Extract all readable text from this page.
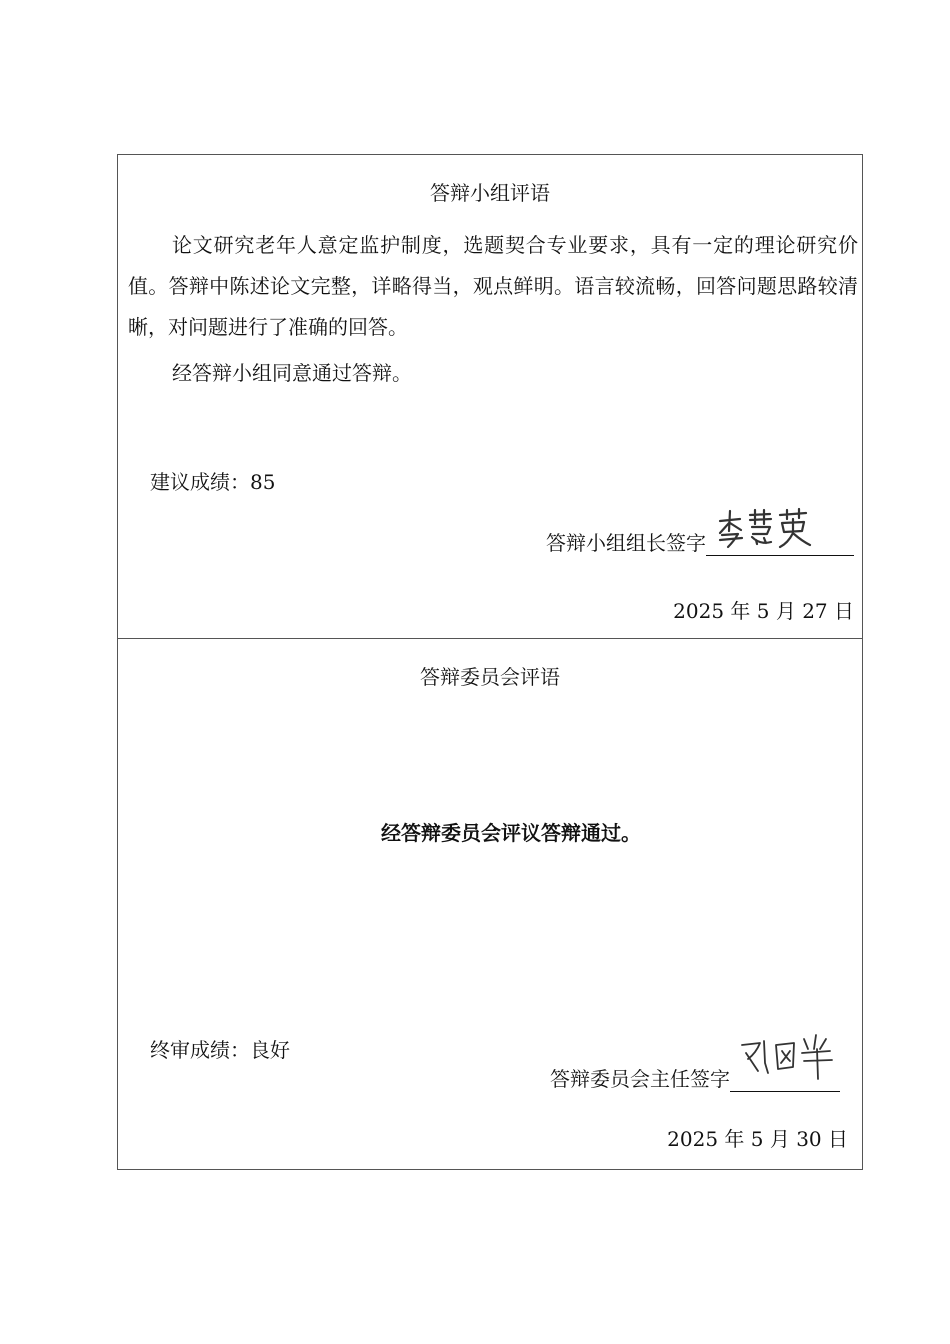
答辩小组评语

论文研究老年人意定监护制度，选题契合专业要求，具有一定的理论研究价值。答辩中陈述论文完整，详略得当，观点鲜明。语言较流畅，回答问题思路较清晰，对问题进行了准确的回答。

经答辩小组同意通过答辩。
建议成绩：85
答辩小组组长签字
2025 年 5 月 27 日
答辩委员会评语
经答辩委员会评议答辩通过。
终审成绩：良好
答辩委员会主任签字
2025 年 5 月 30 日
